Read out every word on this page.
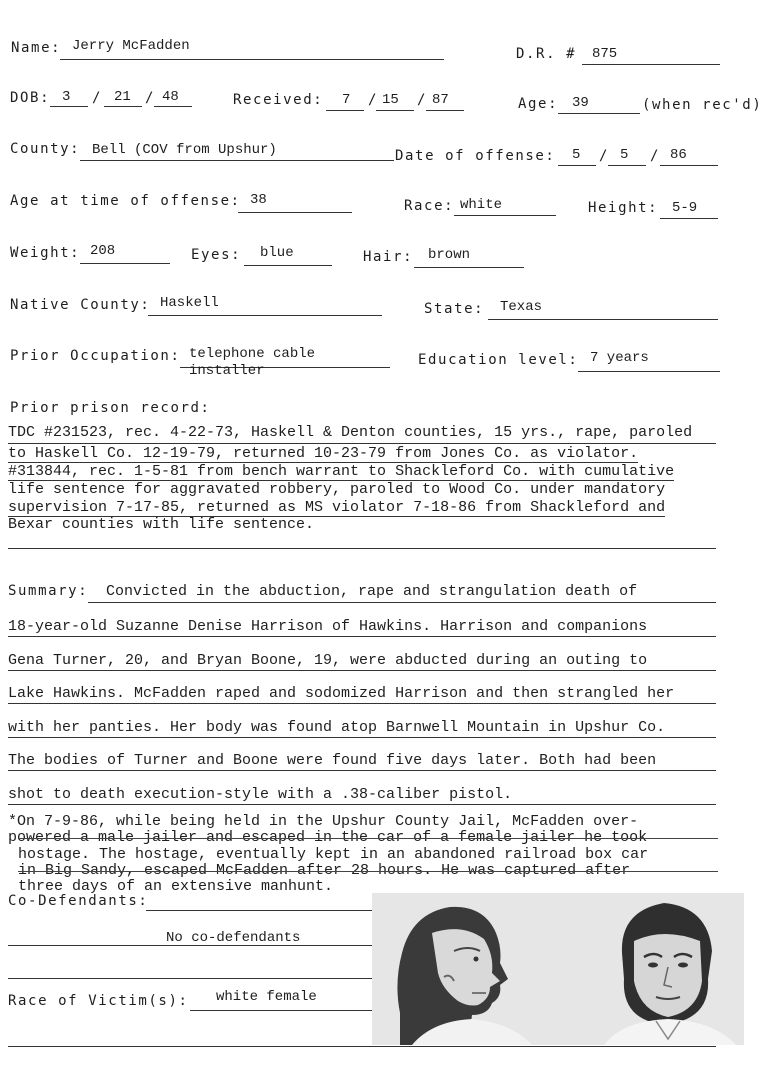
Name: Jerry McFadden	D.R. # 875
DOB: 3 / 21 / 48	Received: 7 / 15 / 87	Age: 39	(when rec'd)
County: Bell (COV from Upshur)	Date of offense: 5 / 5 / 86
Age at time of offense: 38	Race: white	Height: 5-9
Weight: 208	Eyes: blue	Hair: brown
Native County: Haskell	State: Texas
Prior Occupation: telephone cable
installer
Education level: 7 years
Prior prison record:
TDC #231523, rec. 4-22-73, Haskell & Denton counties, 15 yrs., rape, paroled
to Haskell Co. 12-19-79, returned 10-23-79 from Jones Co. as violator.
#313844, rec. 1-5-81 from bench warrant to Shackleford Co. with cumulative
life sentence for aggravated robbery, paroled to Wood Co. under mandatory
supervision 7-17-85, returned as MS violator 7-18-86 from Shackleford and
Bexar counties with life sentence.
Summary: Convicted in the abduction, rape and strangulation death of
18-year-old Suzanne Denise Harrison of Hawkins. Harrison and companions
Gena Turner, 20, and Bryan Boone, 19, were abducted during an outing to
Lake Hawkins. McFadden raped and sodomized Harrison and then strangled her
with her panties. Her body was found atop Barnwell Mountain in Upshur Co.
The bodies of Turner and Boone were found five days later. Both had been
shot to death execution-style with a .38-caliber pistol.
*On 7-9-86, while being held in the Upshur County Jail, McFadden over-
powered a male jailer and escaped in the car of a female jailer he took
hostage. The hostage, eventually kept in an abandoned railroad box car
in Big Sandy, escaped McFadden after 28 hours. He was captured after
three days of an extensive manhunt.
Co-Defendants:
No co-defendants
Race of Victim(s): white female
